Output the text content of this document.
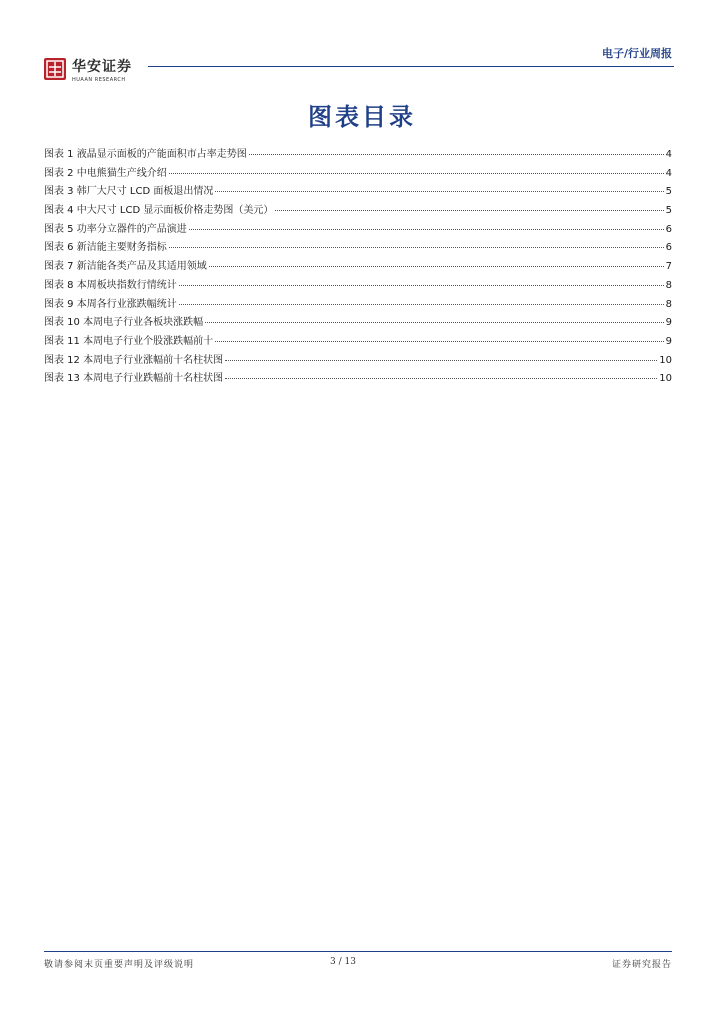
华安证券
HUAAN RESEARCH
电子/行业周报
图表目录
图表 1 液晶显示面板的产能面积市占率走势图	4
图表 2 中电熊猫生产线介绍	4
图表 3 韩厂大尺寸 LCD 面板退出情况	5
图表 4 中大尺寸 LCD 显示面板价格走势图（美元）	5
图表 5 功率分立器件的产品演进	6
图表 6 新洁能主要财务指标	6
图表 7 新洁能各类产品及其适用领域	7
图表 8 本周板块指数行情统计	8
图表 9 本周各行业涨跌幅统计	8
图表 10 本周电子行业各板块涨跌幅	9
图表 11 本周电子行业个股涨跌幅前十	9
图表 12 本周电子行业涨幅前十名柱状图	10
图表 13 本周电子行业跌幅前十名柱状图	10
敬请参阅末页重要声明及评级说明	3 / 13	证券研究报告
